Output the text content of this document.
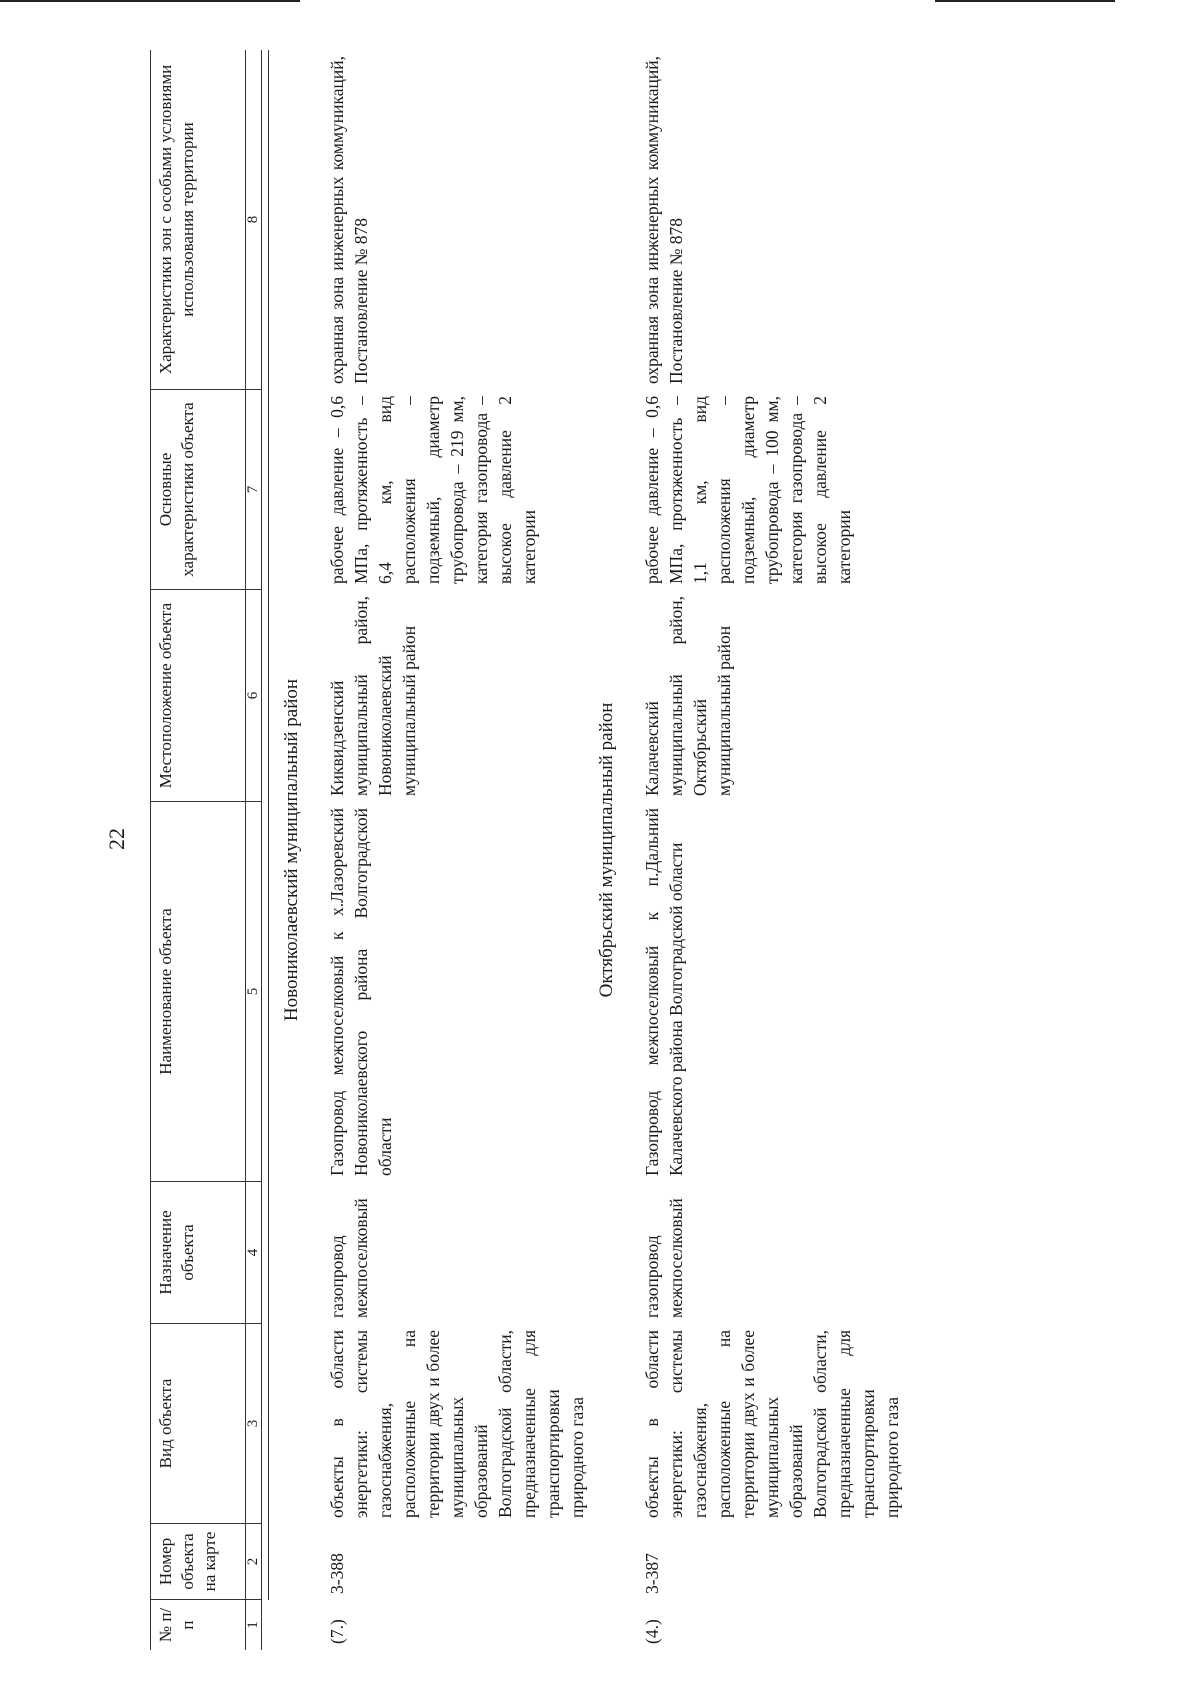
22
№ п/п
Номер объекта на карте
Вид объекта
Назначение объекта
Наименование объекта
Местоположение объекта
Основные характеристики объекта
Характеристики зон с особыми условиями использования территории
1
2
3
4
5
6
7
8
Новониколаевский муниципальный район
(7.)
3-388
объекты в области энергетики: системы газоснабжения, расположенные на территории двух и более муниципальных образований Волгоградской области, предназначенные для транспортировки природного газа
газопровод межпоселковый
Газопровод межпоселковый к х.Лазоревский Новониколаевского района Волгоградской области
Киквидзенский муниципальный район, Новониколаевский муниципальный район
рабочее давление – 0,6 МПа, протяженность – 6,4 км, вид расположения – подземный, диаметр трубопровода – 219 мм, категория газопровода – высокое давление 2 категории
охранная зона инженерных коммуникаций, Постановление № 878
Октябрьский муниципальный район
(4.)
3-387
объекты в области энергетики: системы газоснабжения, расположенные на территории двух и более муниципальных образований Волгоградской области, предназначенные для транспортировки природного газа
газопровод межпоселковый
Газопровод межпоселковый к п.Дальний Калачевского района Волгоградской области
Калачевский муниципальный район, Октябрьский муниципальный район
рабочее давление – 0,6 МПа, протяженность – 1,1 км, вид расположения – подземный, диаметр трубопровода – 100 мм, категория газопровода – высокое давление 2 категории
охранная зона инженерных коммуникаций, Постановление № 878
